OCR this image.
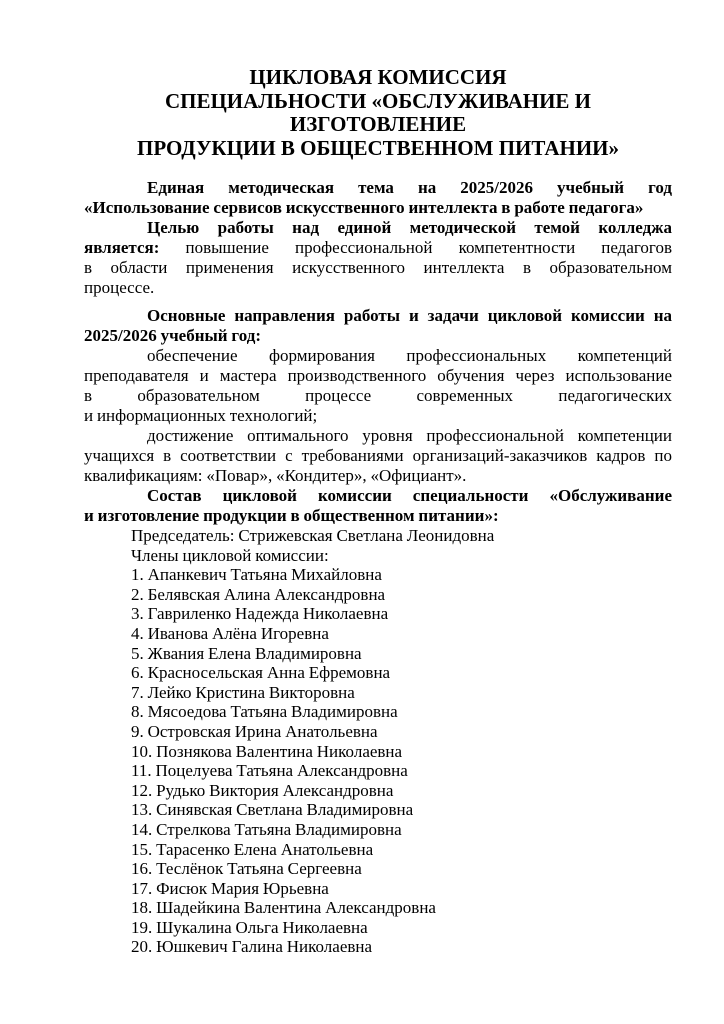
ЦИКЛОВАЯ КОМИССИЯ
СПЕЦИАЛЬНОСТИ «ОБСЛУЖИВАНИЕ И ИЗГОТОВЛЕНИЕ
ПРОДУКЦИИ В ОБЩЕСТВЕННОМ ПИТАНИИ»
Единая методическая тема на 2025/2026 учебный год
«Использование сервисов искусственного интеллекта в работе педагога»
Целью работы над единой методической темой колледжа
является: повышение профессиональной компетентности педагогов
в области применения искусственного интеллекта в образовательном
процессе.
Основные направления работы и задачи цикловой комиссии на
2025/2026 учебный год:
обеспечение формирования профессиональных компетенций
преподавателя и мастера производственного обучения через использование
в образовательном процессе современных педагогических
и информационных технологий;
достижение оптимального уровня профессиональной компетенции
учащихся в соответствии с требованиями организаций-заказчиков кадров по
квалификациям: «Повар», «Кондитер», «Официант».
Состав цикловой комиссии специальности «Обслуживание
и изготовление продукции в общественном питании»:
Председатель: Стрижевская Светлана Леонидовна
Члены цикловой комиссии:
1. Апанкевич Татьяна Михайловна
2. Белявская Алина Александровна
3. Гавриленко Надежда Николаевна
4. Иванова Алёна Игоревна
5. Жвания Елена Владимировна
6. Красносельская Анна Ефремовна
7. Лейко Кристина Викторовна
8. Мясоедова Татьяна Владимировна
9. Островская Ирина Анатольевна
10. Познякова Валентина Николаевна
11. Поцелуева Татьяна Александровна
12. Рудько Виктория Александровна
13. Синявская Светлана Владимировна
14. Стрелкова Татьяна Владимировна
15. Тарасенко Елена Анатольевна
16. Теслёнок Татьяна Сергеевна
17. Фисюк Мария Юрьевна
18. Шадейкина Валентина Александровна
19. Шукалина Ольга Николаевна
20. Юшкевич Галина Николаевна
